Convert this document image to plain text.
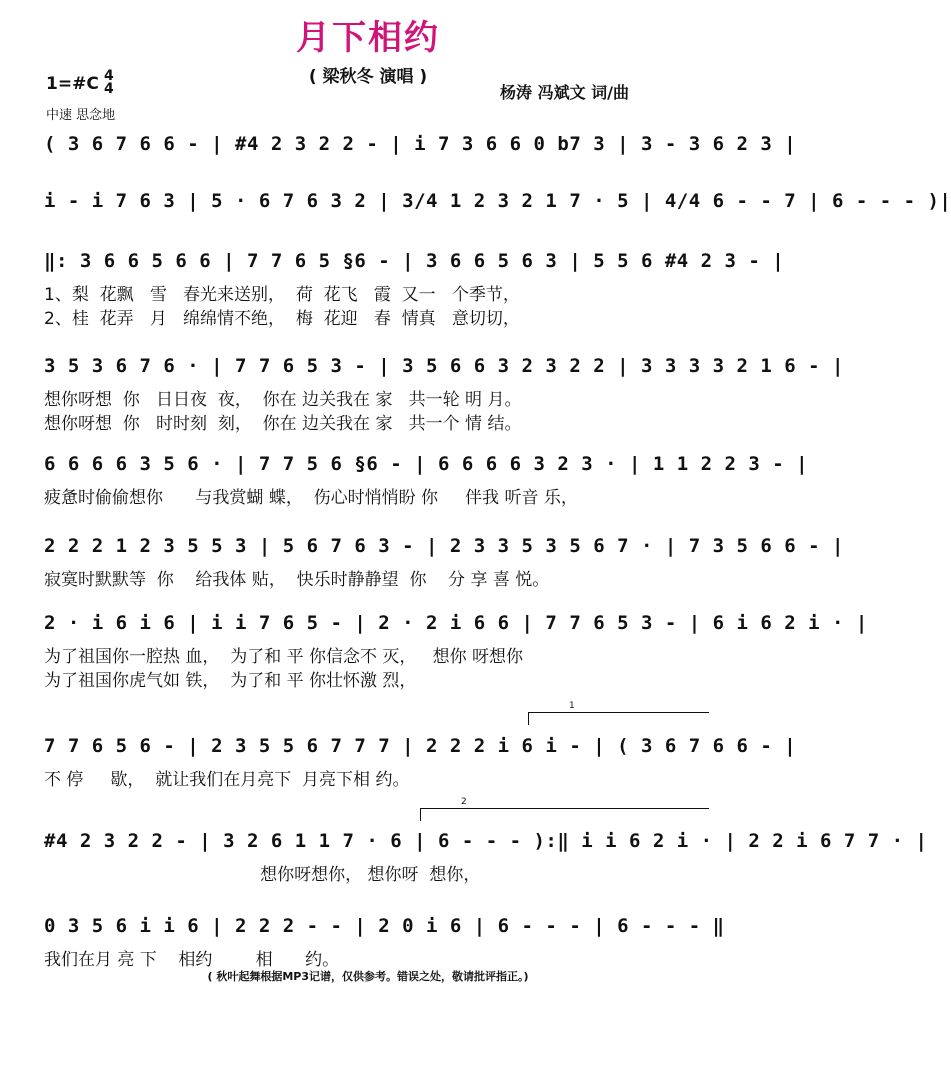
月下相约
( 梁秋冬 演唱 )
1=#C 4
4
中速 思念地
杨涛 冯斌文 词/曲
1
2
( 3 6 7 6 6 - | #4 2 3 2 2 - | i 7 3 6 6 0 b7 3 | 3 - 3 6 2 3 |
i - i 7 6 3 | 5 · 6 7 6 3 2 | 3/4 1 2 3 2 1 7 · 5 | 4/4 6 - - 7 | 6 - - - )|
‖: 3 6 6 5 6 6 | 7 7 6 5 §6 - | 3 6 6 5 6 3 | 5 5 6 #4 2 3 - |
1、梨  花飘   雪   春光来送别，  荷  花飞   霞  又一   个季节，
2、桂  花弄   月   绵绵情不绝，  梅  花迎   春  情真   意切切，
3 5 3 6 7 6 · | 7 7 6 5 3 - | 3 5 6 6 3 2 3 2 2 | 3 3 3 3 2 1 6 - |
想你呀想  你   日日夜  夜，  你在 边关我在 家   共一轮 明 月。
想你呀想  你   时时刻  刻，  你在 边关我在 家   共一个 情 结。
6 6 6 6 3 5 6 · | 7 7 5 6 §6 - | 6 6 6 6 3 2 3 · | 1 1 2 2 3 - |
疲惫时偷偷想你      与我赏蝴 蝶，  伤心时悄悄盼 你     伴我 听音 乐，
2 2 2 1 2 3 5 5 3 | 5 6 7 6 3 - | 2 3 3 5 3 5 6 7 · | 7 3 5 6 6 - |
寂寞时默默等  你    给我体 贴，  快乐时静静望  你    分 享 喜 悦。
2 · i 6 i 6 | i i 7 6 5 - | 2 · 2 i 6 6 | 7 7 6 5 3 - | 6 i 6 2 i · |
为了祖国你一腔热 血，  为了和 平 你信念不 灭，   想你 呀想你
为了祖国你虎气如 铁，  为了和 平 你壮怀激 烈，
7 7 6 5 6 - | 2 3 5 5 6 7 7 7 | 2 2 2 i 6 i - | ( 3 6 7 6 6 - |
不 停     歇，  就让我们在月亮下  月亮下相 约。
#4 2 3 2 2 - | 3 2 6 1 1 7 · 6 | 6 - - - ):‖ i i 6 2 i · | 2 2 i 6 7 7 · |
想你呀想你， 想你呀  想你，
0 3 5 6 i i 6 | 2 2 2 - - | 2 0 i 6 | 6 - - - | 6 - - - ‖
我们在月 亮 下    相约        相      约。
( 秋叶起舞根据MP3记谱，仅供参考。错误之处，敬请批评指正。)
